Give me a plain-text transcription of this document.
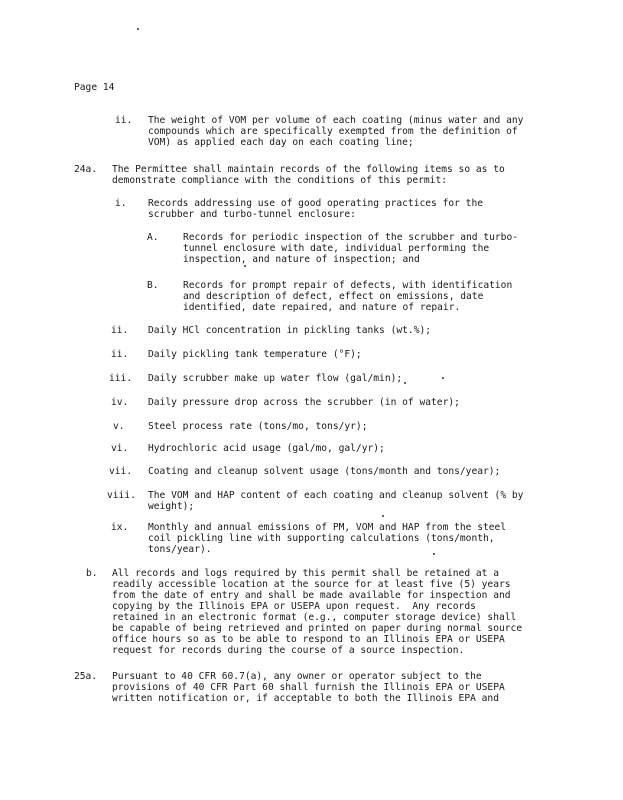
Page 14
ii. The weight of VOM per volume of each coating (minus water and any
compounds which are specifically exempted from the definition of
VOM) as applied each day on each coating line;
24a. The Permittee shall maintain records of the following items so as to
demonstrate compliance with the conditions of this permit:
i. Records addressing use of good operating practices for the
scrubber and turbo-tunnel enclosure:
A.	Records for periodic inspection of the scrubber and turbo-
tunnel enclosure with date, individual performing the
inspection, and nature of inspection; and
B.	Records for prompt repair of defects, with identification
and description of defect, effect on emissions, date
identified, date repaired, and nature of repair.
ii. Daily HCl concentration in pickling tanks (wt.%);
ii. Daily pickling tank temperature (°F);
iii. Daily scrubber make up water flow (gal/min);
iv. Daily pressure drop across the scrubber (in of water);
v. Steel process rate (tons/mo, tons/yr);
vi. Hydrochloric acid usage (gal/mo, gal/yr);
vii. Coating and cleanup solvent usage (tons/month and tons/year);
viii. The VOM and HAP content of each coating and cleanup solvent (% by
weight);
ix. Monthly and annual emissions of PM, VOM and HAP from the steel
coil pickling line with supporting calculations (tons/month,
tons/year).
b. All records and logs required by this permit shall be retained at a
readily accessible location at the source for at least five (5) years
from the date of entry and shall be made available for inspection and
copying by the Illinois EPA or USEPA upon request.  Any records
retained in an electronic format (e.g., computer storage device) shall
be capable of being retrieved and printed on paper during normal source
office hours so as to be able to respond to an Illinois EPA or USEPA
request for records during the course of a source inspection.
25a. Pursuant to 40 CFR 60.7(a), any owner or operator subject to the
provisions of 40 CFR Part 60 shall furnish the Illinois EPA or USEPA
written notification or, if acceptable to both the Illinois EPA and
